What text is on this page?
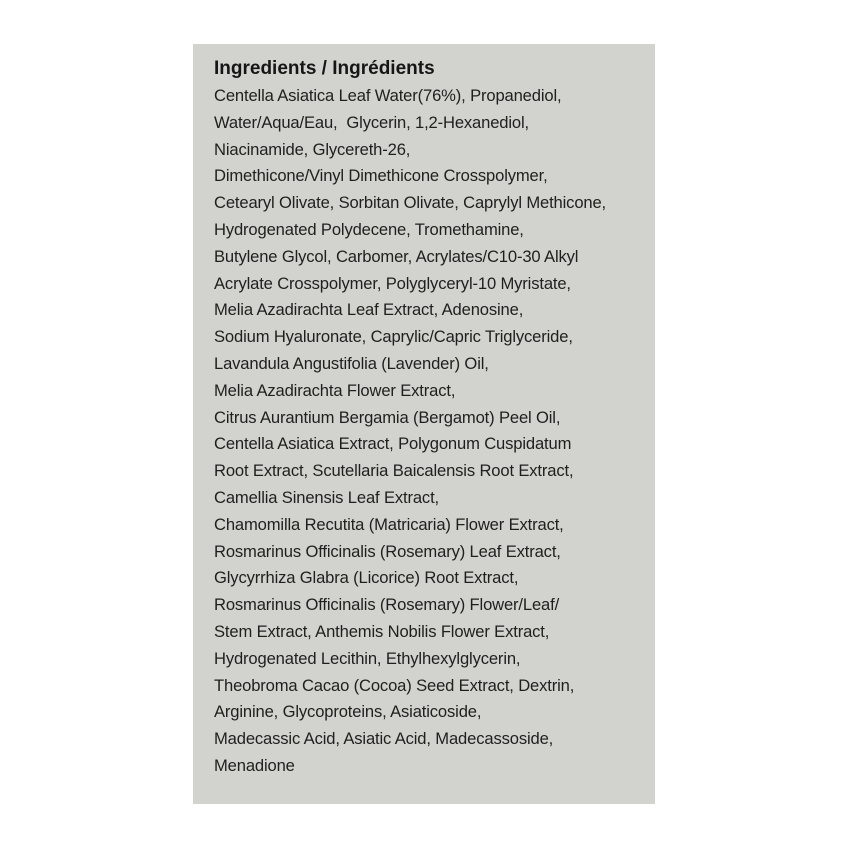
Ingredients / Ingrédients
Centella Asiatica Leaf Water(76%), Propanediol,
Water/Aqua/Eau,  Glycerin, 1,2-Hexanediol,
Niacinamide, Glycereth-26,
Dimethicone/Vinyl Dimethicone Crosspolymer,
Cetearyl Olivate, Sorbitan Olivate, Caprylyl Methicone,
Hydrogenated Polydecene, Tromethamine,
Butylene Glycol, Carbomer, Acrylates/C10-30 Alkyl
Acrylate Crosspolymer, Polyglyceryl-10 Myristate,
Melia Azadirachta Leaf Extract, Adenosine,
Sodium Hyaluronate, Caprylic/Capric Triglyceride,
Lavandula Angustifolia (Lavender) Oil,
Melia Azadirachta Flower Extract,
Citrus Aurantium Bergamia (Bergamot) Peel Oil,
Centella Asiatica Extract, Polygonum Cuspidatum
Root Extract, Scutellaria Baicalensis Root Extract,
Camellia Sinensis Leaf Extract,
Chamomilla Recutita (Matricaria) Flower Extract,
Rosmarinus Officinalis (Rosemary) Leaf Extract,
Glycyrrhiza Glabra (Licorice) Root Extract,
Rosmarinus Officinalis (Rosemary) Flower/Leaf/
Stem Extract, Anthemis Nobilis Flower Extract,
Hydrogenated Lecithin, Ethylhexylglycerin,
Theobroma Cacao (Cocoa) Seed Extract, Dextrin,
Arginine, Glycoproteins, Asiaticoside,
Madecassic Acid, Asiatic Acid, Madecassoside,
Menadione
